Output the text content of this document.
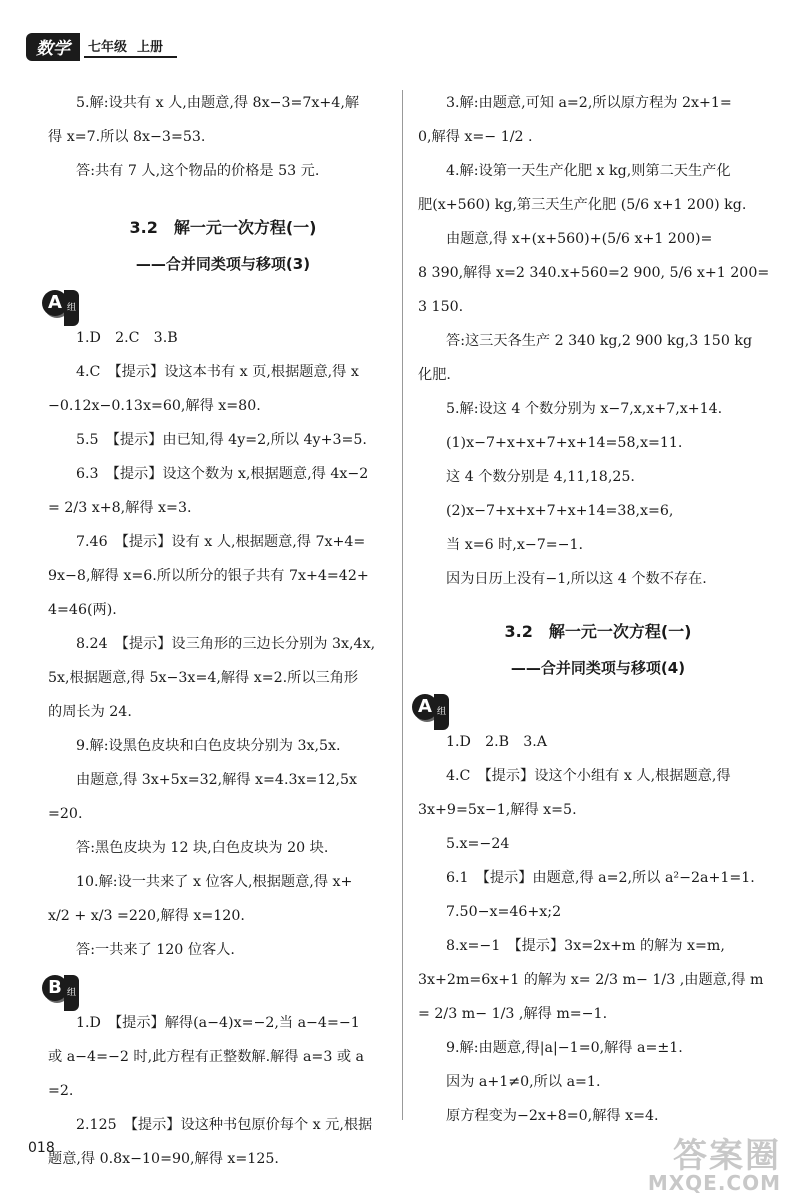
数学	七年级 上册

5.解:设共有 x 人,由题意,得 8x−3=7x+4,解

得 x=7.所以 8x−3=53.

答:共有 7 人,这个物品的价格是 53 元.

3.2　解一元一次方程(一)

——合并同类项与移项(3)

A 组

1.D　2.C　3.B

4.C　【提示】设这本书有 x 页,根据题意,得 x

−0.12x−0.13x=60,解得 x=80.

5.5　【提示】由已知,得 4y=2,所以 4y+3=5.

6.3　【提示】设这个数为 x,根据题意,得 4x−2

= 2/3 x+8,解得 x=3.

7.46　【提示】设有 x 人,根据题意,得 7x+4=

9x−8,解得 x=6.所以所分的银子共有 7x+4=42+

4=46(两).

8.24　【提示】设三角形的三边长分别为 3x,4x,

5x,根据题意,得 5x−3x=4,解得 x=2.所以三角形

的周长为 24.

9.解:设黑色皮块和白色皮块分别为 3x,5x.

由题意,得 3x+5x=32,解得 x=4.3x=12,5x

=20.

答:黑色皮块为 12 块,白色皮块为 20 块.

10.解:设一共来了 x 位客人,根据题意,得 x+

x/2 + x/3 =220,解得 x=120.

答:一共来了 120 位客人.

B 组

1.D　【提示】解得(a−4)x=−2,当 a−4=−1

或 a−4=−2 时,此方程有正整数解.解得 a=3 或 a

=2.

2.125　【提示】设这种书包原价每个 x 元,根据

题意,得 0.8x−10=90,解得 x=125.

3.解:由题意,可知 a=2,所以原方程为 2x+1=

0,解得 x=− 1/2 .

4.解:设第一天生产化肥 x kg,则第二天生产化

肥(x+560) kg,第三天生产化肥 (5/6 x+1 200) kg.

由题意,得 x+(x+560)+(5/6 x+1 200)=

8 390,解得 x=2 340.x+560=2 900, 5/6 x+1 200=

3 150.

答:这三天各生产 2 340 kg,2 900 kg,3 150 kg

化肥.

5.解:设这 4 个数分别为 x−7,x,x+7,x+14.

(1)x−7+x+x+7+x+14=58,x=11.

这 4 个数分别是 4,11,18,25.

(2)x−7+x+x+7+x+14=38,x=6,

当 x=6 时,x−7=−1.

因为日历上没有−1,所以这 4 个数不存在.

3.2　解一元一次方程(一)

——合并同类项与移项(4)

A 组

1.D　2.B　3.A

4.C　【提示】设这个小组有 x 人,根据题意,得

3x+9=5x−1,解得 x=5.

5.x=−24

6.1　【提示】由题意,得 a=2,所以 a²−2a+1=1.

7.50−x=46+x;2

8.x=−1　【提示】3x=2x+m 的解为 x=m,

3x+2m=6x+1 的解为 x= 2/3 m− 1/3 ,由题意,得 m

= 2/3 m− 1/3 ,解得 m=−1.

9.解:由题意,得|a|−1=0,解得 a=±1.

因为 a+1≠0,所以 a=1.

原方程变为−2x+8=0,解得 x=4.

018	答案圈
MXQE.COM
